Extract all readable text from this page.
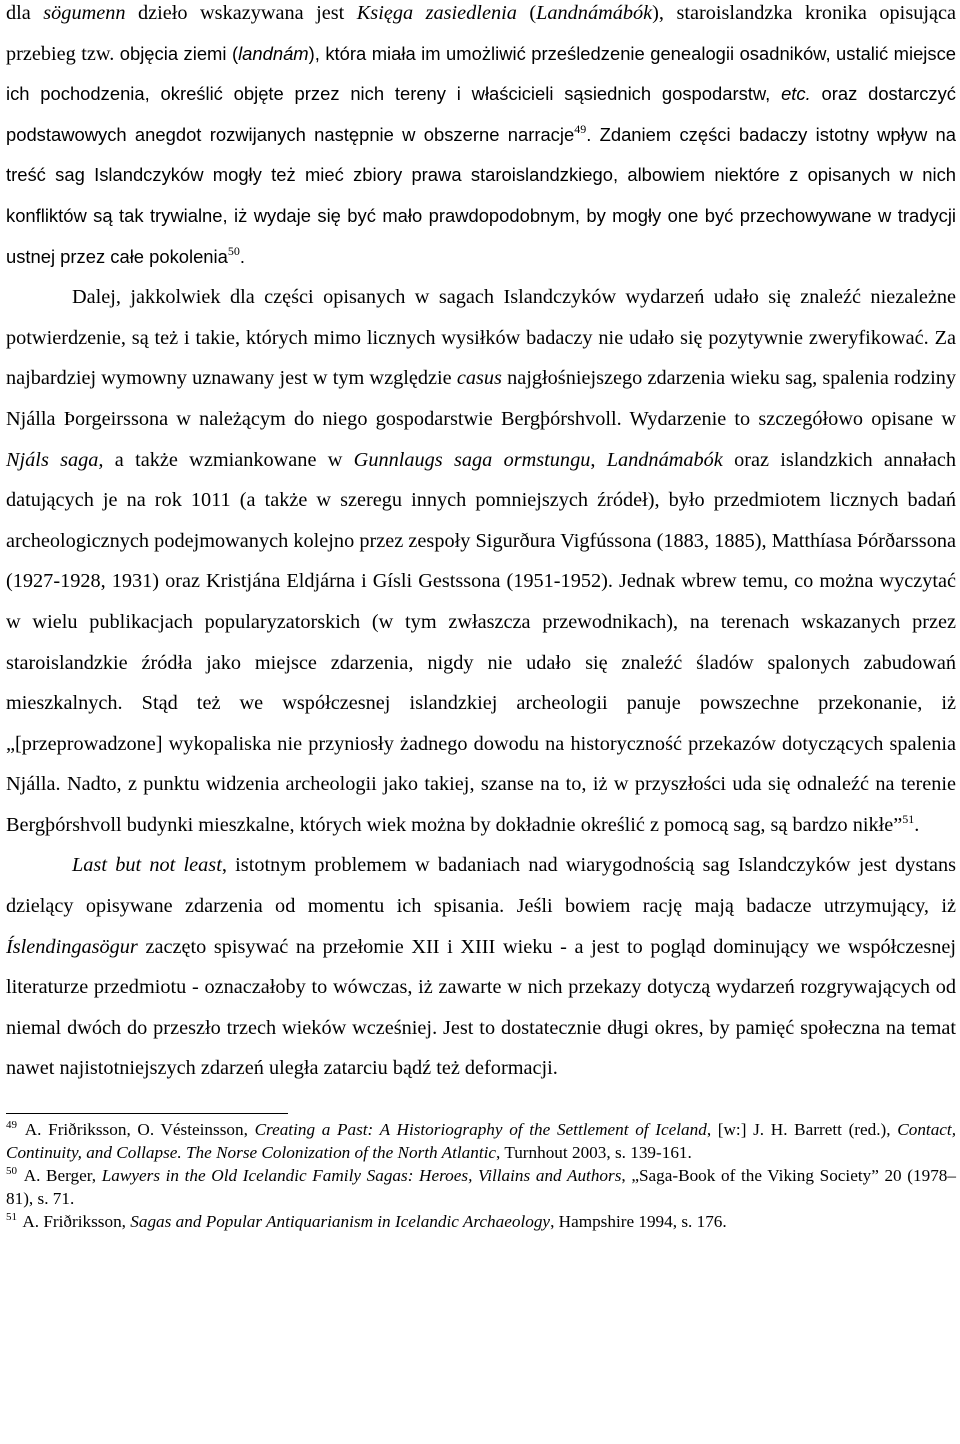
dla sögumenn dzieło wskazywana jest Księga zasiedlenia (Landnámábók), staroislandzka kronika opisująca przebieg tzw. objęcia ziemi (landnám), która miała im umożliwić prześledzenie genealogii osadników, ustalić miejsce ich pochodzenia, określić objęte przez nich tereny i właścicieli sąsiednich gospodarstw, etc. oraz dostarczyć podstawowych anegdot rozwijanych następnie w obszerne narracje$^{49}$. Zdaniem części badaczy istotny wpływ na treść sag Islandczyków mogły też mieć zbiory prawa staroislandzkiego, albowiem niektóre z opisanych w nich konfliktów są tak trywialne, iż wydaje się być mało prawdopodobnym, by mogły one być przechowywane w tradycji ustnej przez całe pokolenia$^{50}$.

Dalej, jakkolwiek dla części opisanych w sagach Islandczyków wydarzeń udało się znaleźć niezależne potwierdzenie, są też i takie, których mimo licznych wysiłków badaczy nie udało się pozytywnie zweryfikować. Za najbardziej wymowny uznawany jest w tym względzie casus najgłośniejszego zdarzenia wieku sag, spalenia rodziny Njálla Þorgeirssona w należącym do niego gospodarstwie Bergþórshvoll. Wydarzenie to szczegółowo opisane w Njáls saga, a także wzmiankowane w Gunnlaugs saga ormstungu, Landnámabók oraz islandzkich annałach datujących je na rok 1011 (a także w szeregu innych pomniejszych źródeł), było przedmiotem licznych badań archeologicznych podejmowanych kolejno przez zespoły Sigurðura Vigfússona (1883, 1885), Matthíasa Þórðarssona (1927-1928, 1931) oraz Kristjána Eldjárna i Gísli Gestssona (1951-1952). Jednak wbrew temu, co można wyczytać w wielu publikacjach popularyzatorskich (w tym zwłaszcza przewodnikach), na terenach wskazanych przez staroislandzkie źródła jako miejsce zdarzenia, nigdy nie udało się znaleźć śladów spalonych zabudowań mieszkalnych. Stąd też we współczesnej islandzkiej archeologii panuje powszechne przekonanie, iż „[przeprowadzone] wykopaliska nie przyniosły żadnego dowodu na historyczność przekazów dotyczących spalenia Njálla. Nadto, z punktu widzenia archeologii jako takiej, szanse na to, iż w przyszłości uda się odnaleźć na terenie Bergþórshvoll budynki mieszkalne, których wiek można by dokładnie określić z pomocą sag, są bardzo nikłe”$^{51}$.

Last but not least, istotnym problemem w badaniach nad wiarygodnością sag Islandczyków jest dystans dzielący opisywane zdarzenia od momentu ich spisania. Jeśli bowiem rację mają badacze utrzymujący, iż Íslendingasögur zaczęto spisywać na przełomie XII i XIII wieku - a jest to pogląd dominujący we współczesnej literaturze przedmiotu - oznaczałoby to wówczas, iż zawarte w nich przekazy dotyczą wydarzeń rozgrywających od niemal dwóch do przeszło trzech wieków wcześniej. Jest to dostatecznie długi okres, by pamięć społeczna na temat nawet najistotniejszych zdarzeń uległa zatarciu bądź też deformacji.

$^{49}$ A. Friðriksson, O. Vésteinsson, Creating a Past: A Historiography of the Settlement of Iceland, [w:] J. H. Barrett (red.), Contact, Continuity, and Collapse. The Norse Colonization of the North Atlantic, Turnhout 2003, s. 139-161.

$^{50}$ A. Berger, Lawyers in the Old Icelandic Family Sagas: Heroes, Villains and Authors, „Saga-Book of the Viking Society” 20 (1978–81), s. 71.

$^{51}$ A. Friðriksson, Sagas and Popular Antiquarianism in Icelandic Archaeology, Hampshire 1994, s. 176.
